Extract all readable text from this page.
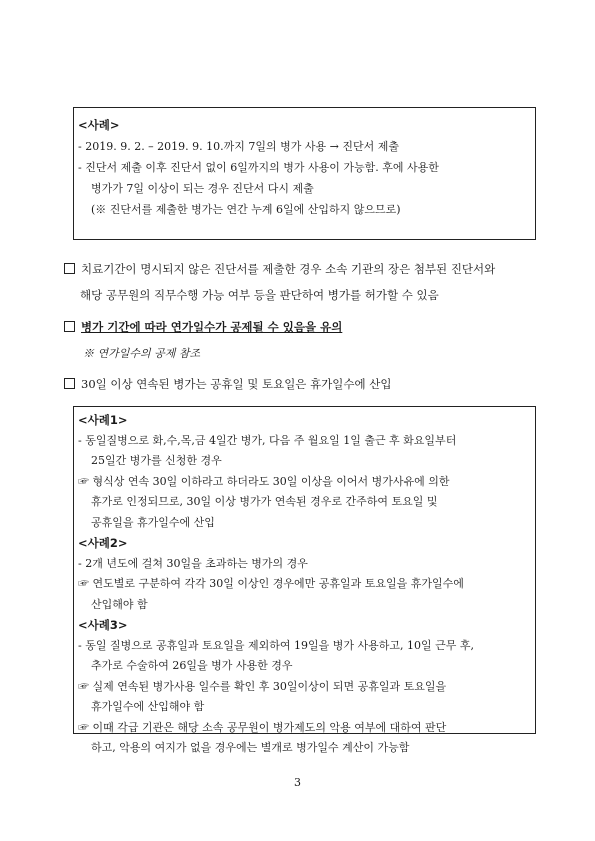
<사례>
- 2019. 9. 2. – 2019. 9. 10.까지 7일의 병가 사용 → 진단서 제출
- 진단서 제출 이후 진단서 없이 6일까지의 병가 사용이 가능함. 후에 사용한
병가가 7일 이상이 되는 경우 진단서 다시 제출
(※ 진단서를 제출한 병가는 연간 누계 6일에 산입하지 않으므로)
치료기간이 명시되지 않은 진단서를 제출한 경우 소속 기관의 장은 첨부된 진단서와
해당 공무원의 직무수행 가능 여부 등을 판단하여 병가를 허가할 수 있음
병가 기간에 따라 연가일수가 공제될 수 있음을 유의
※ 연가일수의 공제 참조
30일 이상 연속된 병가는 공휴일 및 토요일은 휴가일수에 산입
<사례1>
- 동일질병으로 화,수,목,금 4일간 병가, 다음 주 월요일 1일 출근 후 화요일부터
25일간 병가를 신청한 경우
☞ 형식상 연속 30일 이하라고 하더라도 30일 이상을 이어서 병가사유에 의한
휴가로 인정되므로, 30일 이상 병가가 연속된 경우로 간주하여 토요일 및
공휴일을 휴가일수에 산입
<사례2>
- 2개 년도에 걸쳐 30일을 초과하는 병가의 경우
☞ 연도별로 구분하여 각각 30일 이상인 경우에만 공휴일과 토요일을 휴가일수에
산입해야 함
<사례3>
- 동일 질병으로 공휴일과 토요일을 제외하여 19일을 병가 사용하고, 10일 근무 후,
추가로 수술하여 26일을 병가 사용한 경우
☞ 실제 연속된 병가사용 일수를 확인 후 30일이상이 되면 공휴일과 토요일을
휴가일수에 산입해야 함
☞ 이때 각급 기관은 해당 소속 공무원이 병가제도의 악용 여부에 대하여 판단
하고, 악용의 여지가 없을 경우에는 별개로 병가일수 계산이 가능함
3
